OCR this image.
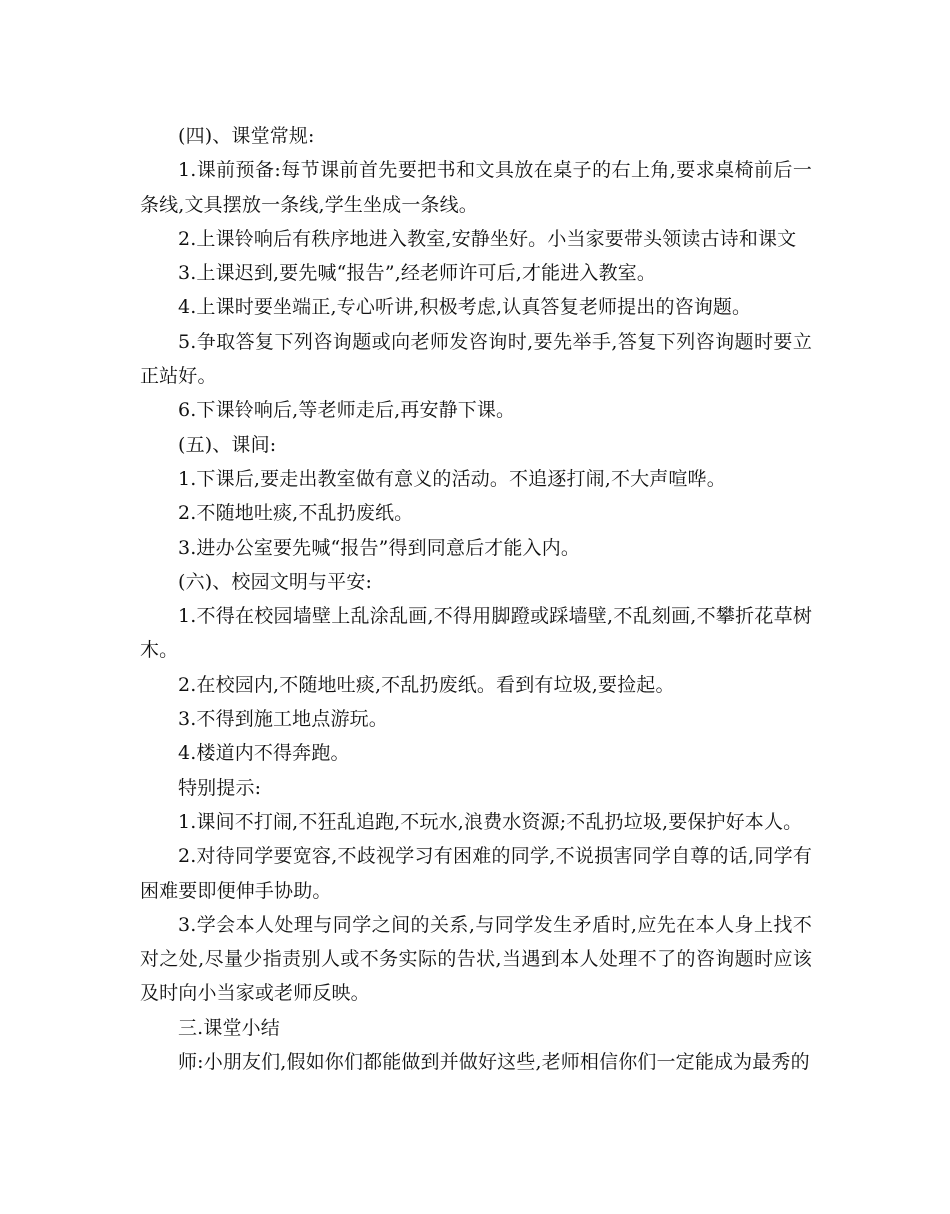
(四)、课堂常规:

1.课前预备:每节课前首先要把书和文具放在桌子的右上角,要求桌椅前后一条线,文具摆放一条线,学生坐成一条线。

2.上课铃响后有秩序地进入教室,安静坐好。小当家要带头领读古诗和课文

3.上课迟到,要先喊“报告”,经老师许可后,才能进入教室。

4.上课时要坐端正,专心听讲,积极考虑,认真答复老师提出的咨询题。

5.争取答复下列咨询题或向老师发咨询时,要先举手,答复下列咨询题时要立正站好。

6.下课铃响后,等老师走后,再安静下课。

(五)、课间:

1.下课后,要走出教室做有意义的活动。不追逐打闹,不大声喧哗。

2.不随地吐痰,不乱扔废纸。

3.进办公室要先喊“报告”得到同意后才能入内。

(六)、校园文明与平安:

1.不得在校园墙壁上乱涂乱画,不得用脚蹬或踩墙壁,不乱刻画,不攀折花草树木。

2.在校园内,不随地吐痰,不乱扔废纸。看到有垃圾,要捡起。

3.不得到施工地点游玩。

4.楼道内不得奔跑。

特别提示:

1.课间不打闹,不狂乱追跑,不玩水,浪费水资源;不乱扔垃圾,要保护好本人。

2.对待同学要宽容,不歧视学习有困难的同学,不说损害同学自尊的话,同学有困难要即便伸手协助。

3.学会本人处理与同学之间的关系,与同学发生矛盾时,应先在本人身上找不对之处,尽量少指责别人或不务实际的告状,当遇到本人处理不了的咨询题时应该及时向小当家或老师反映。

三.课堂小结

师:小朋友们,假如你们都能做到并做好这些,老师相信你们一定能成为最秀的
